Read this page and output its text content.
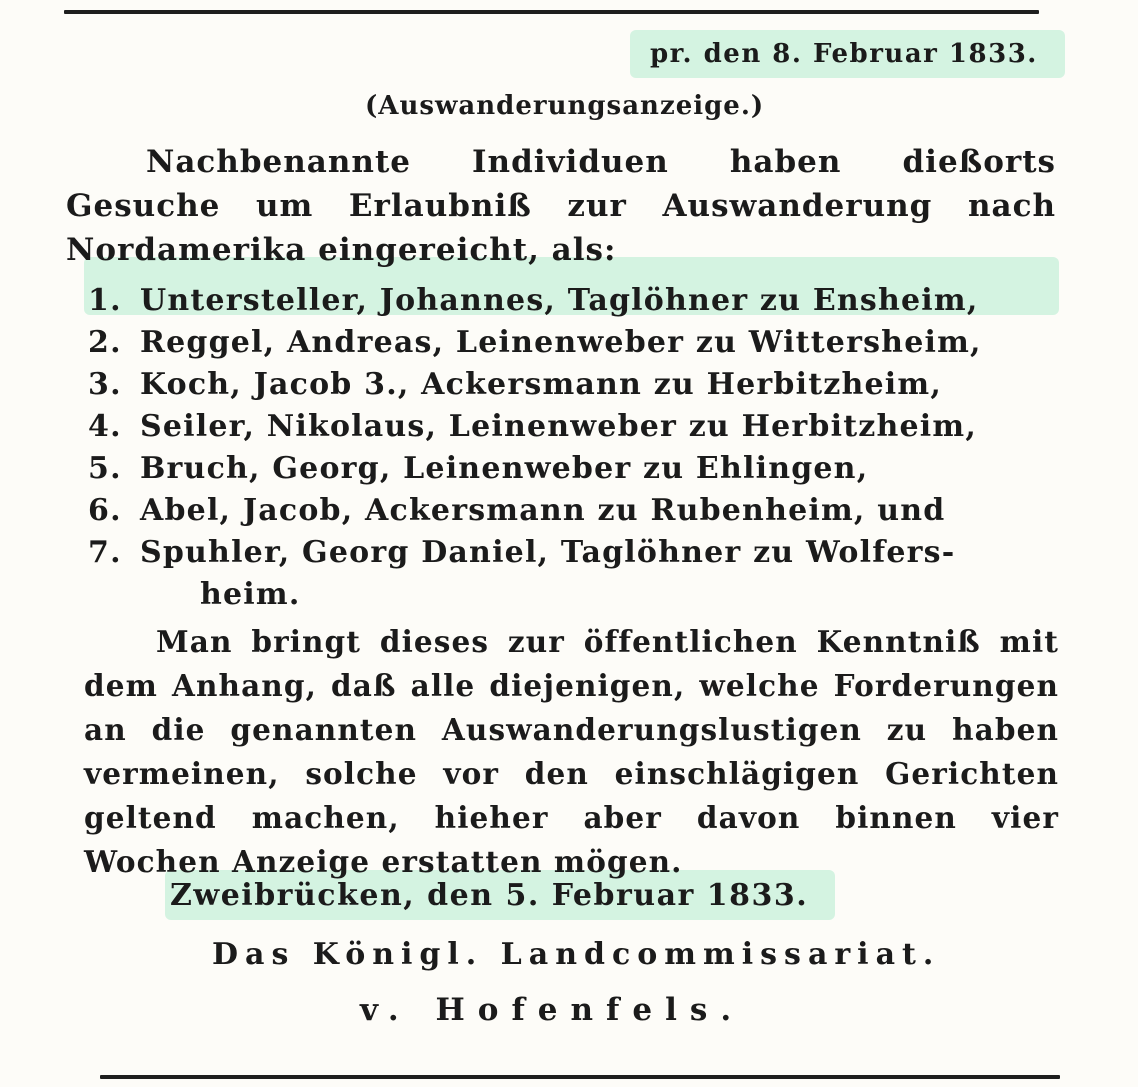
pr. den 8. Februar 1833.
(Auswanderungsanzeige.)
Nachbenannte Individuen haben dießorts Gesuche um Erlaubniß zur Auswanderung nach Nordamerika eingereicht, als:
1. Untersteller, Johannes, Taglöhner zu Ensheim,
2. Reggel, Andreas, Leinenweber zu Wittersheim,
3. Koch, Jacob 3., Ackersmann zu Herbitzheim,
4. Seiler, Nikolaus, Leinenweber zu Herbitzheim,
5. Bruch, Georg, Leinenweber zu Ehlingen,
6. Abel, Jacob, Ackersmann zu Rubenheim, und
7. Spuhler, Georg Daniel, Taglöhner zu Wolfers-
heim.
Man bringt dieses zur öffentlichen Kenntniß mit dem Anhang, daß alle diejenigen, welche Forderungen an die genannten Auswanderungslustigen zu haben vermeinen, solche vor den einschlägigen Gerichten geltend machen, hieher aber davon binnen vier Wochen Anzeige erstatten mögen.
Zweibrücken, den 5. Februar 1833.
Das Königl. Landcommissariat.
v. Hofenfels.
